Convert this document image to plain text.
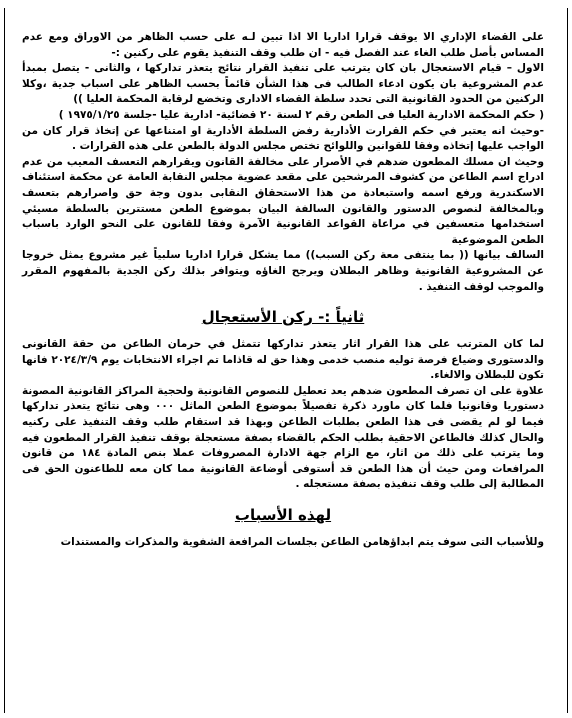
على القضاء الإداري الا يوقف قرارا اداريا الا اذا تبين لـه على حسب الظاهر من الاوراق ومع عدم المساس بأصل طلب الغاء عند الفصل فيه - ان طلب وقف التنفيذ يقوم على ركنين :-

الاول – قيام الاستعجال بان كان يترتب على تنفيذ القرار نتائج يتعذر تداركها ، والثانى - يتصل بمبدأ عدم المشروعية بان يكون ادعاء الطالب فى هذا الشأن قائماً بحسب الظاهر على اسباب جدية ،وكلا الركنين من الحدود القانونية التى تحدد سلطة القضاء الادارى وتخضع لرقابة المحكمة العليا ))

( حكم المحكمة الادارية العليا فى الطعن رقم ٢ لسنة ٢٠ قضائية- ادارية عليا -جلسة ١٩٧٥/١/٢٥ )

-وحيث انه يعتبر في حكم القرارت الأدارية رفض السلطة الأدارية او امتناعها عن إتخاذ قرار كان من الواجب عليها إتخاذه وفقا للقوانين واللوائح تختص مجلس الدولة بالطعن على هذه القرارات .

وحيث ان مسلك المطعون ضدهم في الأصرار على مخالفة القانون ويقرارهم التعسف المعيب من عدم ادراج اسم الطاعن من كشوف المرشحين على مقعد عضوية مجلس النقابة العامة عن محكمة استئناف الاسكندرية ورفع اسمه واستبعادة من هذا الاستحقاق النقابى بدون وجة حق واصرارهم بتعسف وبالمخالفة لنصوص الدستور والقانون السالفة البيان بموضوع الطعن مستترين بالسلطة مسيئي استخدامها متعسفين في مراعاة القواعد القانونية الآمرة وفقا للقانون على النحو الوارد باسباب الطعن الموضوعية

السالف بيانها (( بما ينتفى معة ركن السبب)) مما يشكل قرارا اداريا سلبياً غير مشروع يمثل خروجا عن المشروعية القانونية وظاهر البطلان ويرجح الغاؤه ويتوافر بذلك ركن الجدية بالمفهوم المقرر والموجب لوقف التنفيذ .

ثانياً :- ركن الأستعجال

لما كان المترتب على هذا القرار اثار يتعذر تداركها تتمثل في حرمان الطاعن من حقة القانونى والدستورى وضياع فرصة توليه منصب خدمى وهذا حق له قاذاما تم اجراء الانتخابات يوم ٢٠٢٤/٣/٩ فانها تكون للبطلان والالغاء.

علاوة على ان تصرف المطعون ضدهم يعد تعطيل للنصوص القانونية ولحجية المراكز القانونية المصونة دستوريا وقانونيا فلما كان ماورد ذكرة تفصيلاً بموضوع الطعن الماثل ٠٠٠ وهى نتائج يتعذر تداركها فيما لو لم يقضى فى هذا الطعن بطلبات الطاعن وبهذا قد استقام طلب وقف التنفيذ على ركنيه والحال كذلك فالطاعن الاحقية بطلب الحكم بالقضاء بصفة مستعجلة بوقف تنفيذ القرار المطعون فيه وما يترتب على ذلك من اثار، مع الزام جهة الادارة المصروفات عملا بنص المادة ١٨٤ من قانون المرافعات ومن حيث أن هذا الطعن قد أستوفى أوضاعة القانونية مما كان معه للطاعنون الحق فى المطالبة إلى طلب وقف تنفيذه بصفة مستعجله .

لهذه الأسباب

وللأسباب التى سوف يتم ابداؤهامن الطاعن بجلسات المرافعة الشفوية والمذكرات والمستندات
